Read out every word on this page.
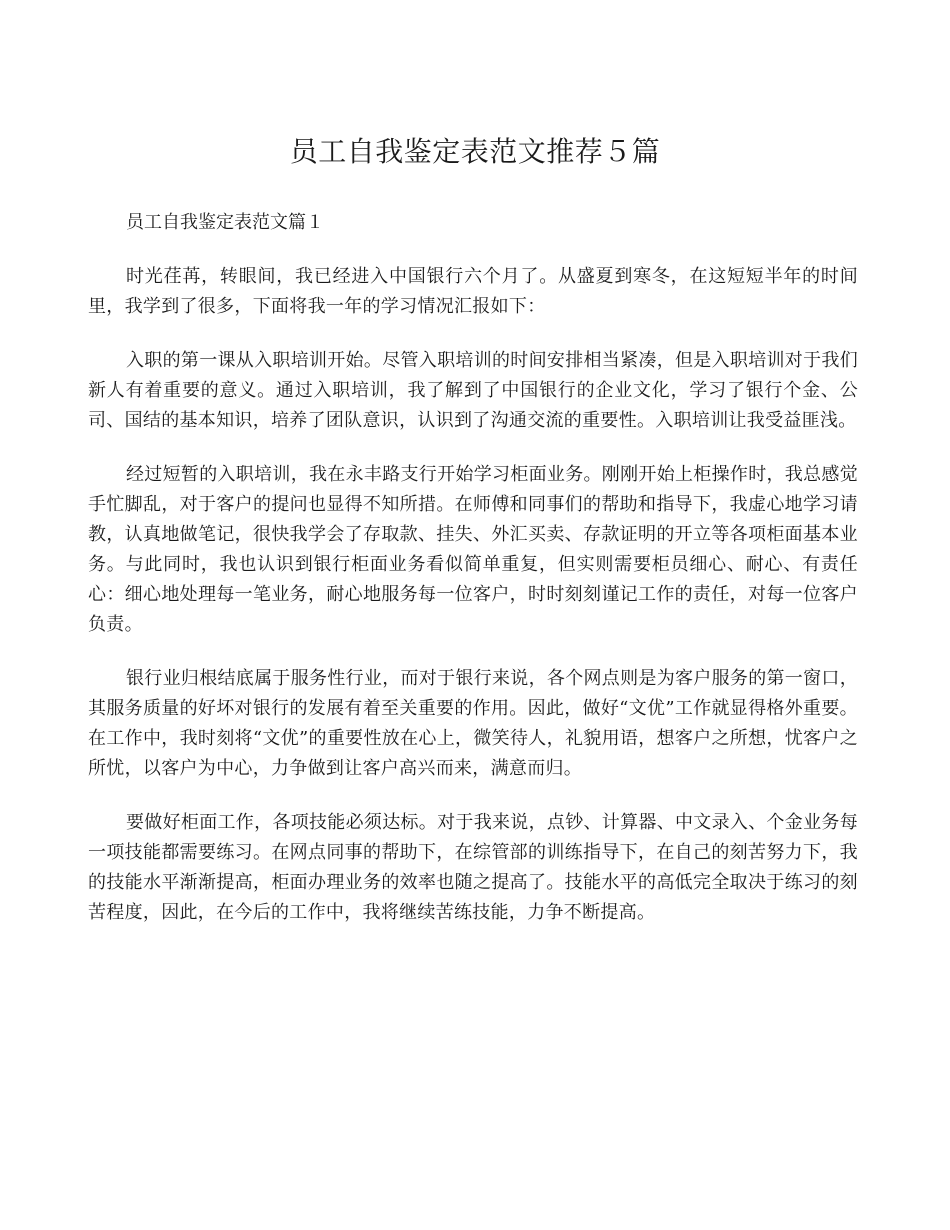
员工自我鉴定表范文推荐５篇

员工自我鉴定表范文篇１

时光荏苒，转眼间，我已经进入中国银行六个月了。从盛夏到寒冬，在这短短半年的时间里，我学到了很多，下面将我一年的学习情况汇报如下：

入职的第一课从入职培训开始。尽管入职培训的时间安排相当紧凑，但是入职培训对于我们新人有着重要的意义。通过入职培训，我了解到了中国银行的企业文化，学习了银行个金、公司、国结的基本知识，培养了团队意识，认识到了沟通交流的重要性。入职培训让我受益匪浅。

经过短暂的入职培训，我在永丰路支行开始学习柜面业务。刚刚开始上柜操作时，我总感觉手忙脚乱，对于客户的提问也显得不知所措。在师傅和同事们的帮助和指导下，我虚心地学习请教，认真地做笔记，很快我学会了存取款、挂失、外汇买卖、存款证明的开立等各项柜面基本业务。与此同时，我也认识到银行柜面业务看似简单重复，但实则需要柜员细心、耐心、有责任心：细心地处理每一笔业务，耐心地服务每一位客户，时时刻刻谨记工作的责任，对每一位客户负责。

银行业归根结底属于服务性行业，而对于银行来说，各个网点则是为客户服务的第一窗口，其服务质量的好坏对银行的发展有着至关重要的作用。因此，做好“文优”工作就显得格外重要。在工作中，我时刻将“文优”的重要性放在心上，微笑待人，礼貌用语，想客户之所想，忧客户之所忧，以客户为中心，力争做到让客户高兴而来，满意而归。

要做好柜面工作，各项技能必须达标。对于我来说，点钞、计算器、中文录入、个金业务每一项技能都需要练习。在网点同事的帮助下，在综管部的训练指导下，在自己的刻苦努力下，我的技能水平渐渐提高，柜面办理业务的效率也随之提高了。技能水平的高低完全取决于练习的刻苦程度，因此，在今后的工作中，我将继续苦练技能，力争不断提高。
